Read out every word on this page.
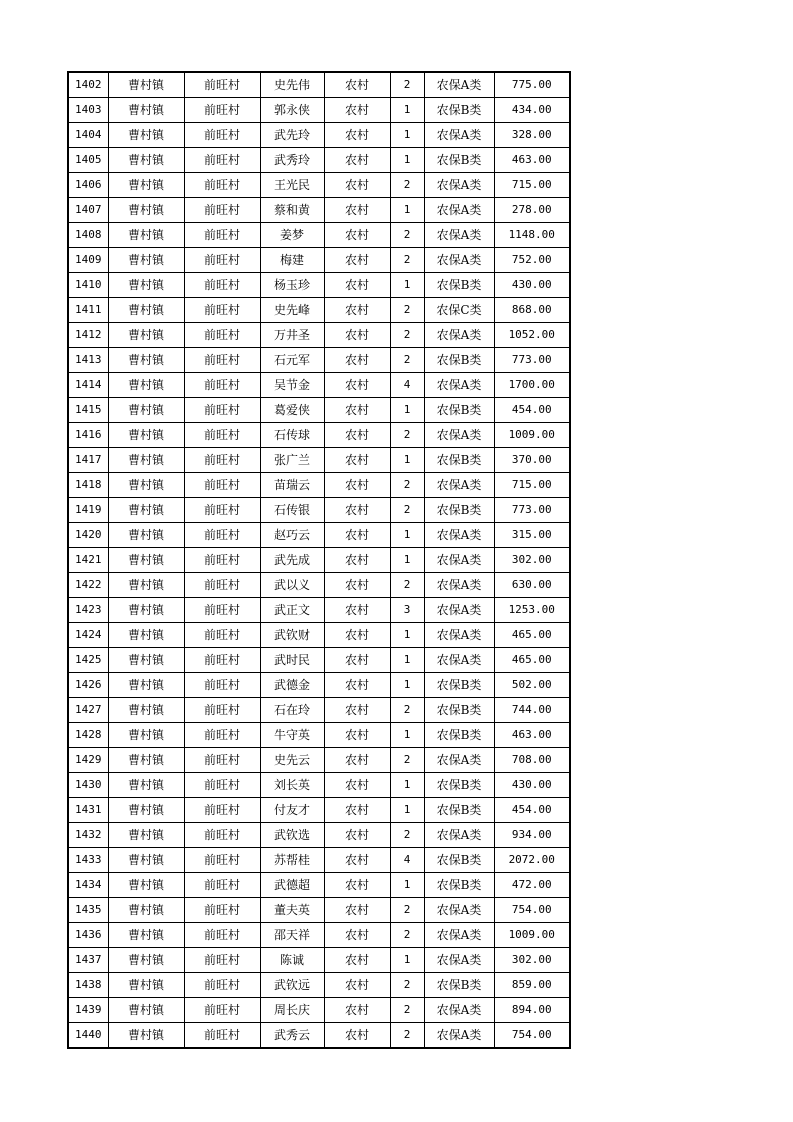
1402	曹村镇	前旺村	史先伟	农村	2	农保A类	775.00
1403	曹村镇	前旺村	郭永侠	农村	1	农保B类	434.00
1404	曹村镇	前旺村	武先玲	农村	1	农保A类	328.00
1405	曹村镇	前旺村	武秀玲	农村	1	农保B类	463.00
1406	曹村镇	前旺村	王光民	农村	2	农保A类	715.00
1407	曹村镇	前旺村	蔡和黄	农村	1	农保A类	278.00
1408	曹村镇	前旺村	姜梦	农村	2	农保A类	1148.00
1409	曹村镇	前旺村	梅建	农村	2	农保A类	752.00
1410	曹村镇	前旺村	杨玉珍	农村	1	农保B类	430.00
1411	曹村镇	前旺村	史先峰	农村	2	农保C类	868.00
1412	曹村镇	前旺村	万井圣	农村	2	农保A类	1052.00
1413	曹村镇	前旺村	石元军	农村	2	农保B类	773.00
1414	曹村镇	前旺村	吴节金	农村	4	农保A类	1700.00
1415	曹村镇	前旺村	葛爱侠	农村	1	农保B类	454.00
1416	曹村镇	前旺村	石传球	农村	2	农保A类	1009.00
1417	曹村镇	前旺村	张广兰	农村	1	农保B类	370.00
1418	曹村镇	前旺村	苗瑞云	农村	2	农保A类	715.00
1419	曹村镇	前旺村	石传银	农村	2	农保B类	773.00
1420	曹村镇	前旺村	赵巧云	农村	1	农保A类	315.00
1421	曹村镇	前旺村	武先成	农村	1	农保A类	302.00
1422	曹村镇	前旺村	武以义	农村	2	农保A类	630.00
1423	曹村镇	前旺村	武正文	农村	3	农保A类	1253.00
1424	曹村镇	前旺村	武钦财	农村	1	农保A类	465.00
1425	曹村镇	前旺村	武时民	农村	1	农保A类	465.00
1426	曹村镇	前旺村	武德金	农村	1	农保B类	502.00
1427	曹村镇	前旺村	石在玲	农村	2	农保B类	744.00
1428	曹村镇	前旺村	牛守英	农村	1	农保B类	463.00
1429	曹村镇	前旺村	史先云	农村	2	农保A类	708.00
1430	曹村镇	前旺村	刘长英	农村	1	农保B类	430.00
1431	曹村镇	前旺村	付友才	农村	1	农保B类	454.00
1432	曹村镇	前旺村	武钦选	农村	2	农保A类	934.00
1433	曹村镇	前旺村	苏帮桂	农村	4	农保B类	2072.00
1434	曹村镇	前旺村	武德超	农村	1	农保B类	472.00
1435	曹村镇	前旺村	董夫英	农村	2	农保A类	754.00
1436	曹村镇	前旺村	邵天祥	农村	2	农保A类	1009.00
1437	曹村镇	前旺村	陈诚	农村	1	农保A类	302.00
1438	曹村镇	前旺村	武钦远	农村	2	农保B类	859.00
1439	曹村镇	前旺村	周长庆	农村	2	农保A类	894.00
1440	曹村镇	前旺村	武秀云	农村	2	农保A类	754.00
